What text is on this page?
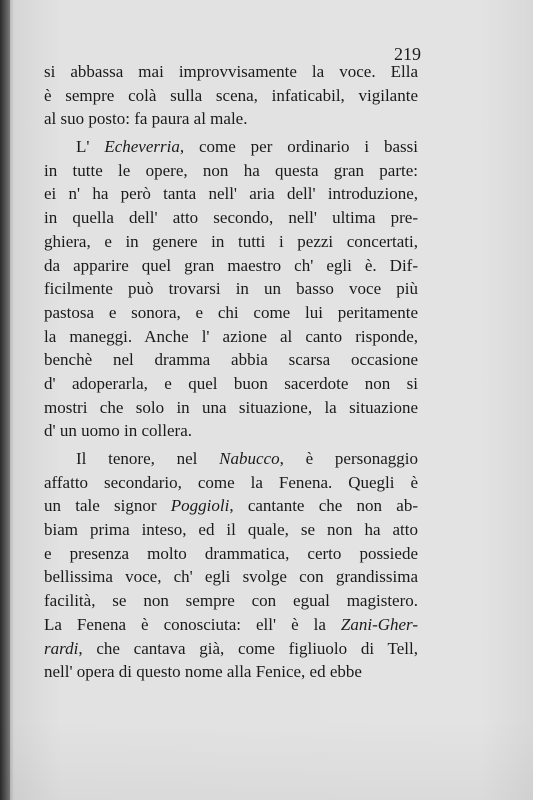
219
si abbassa mai improvvisamente la voce. Ella
è sempre colà sulla scena, infaticabil, vigilante
al suo posto: fa paura al male.
L' Echeverria, come per ordinario i bassi
in tutte le opere, non ha questa gran parte:
ei n' ha però tanta nell' aria dell' introduzione,
in quella dell' atto secondo, nell' ultima pre-
ghiera, e in genere in tutti i pezzi concertati,
da apparire quel gran maestro ch' egli è. Dif-
ficilmente può trovarsi in un basso voce più
pastosa e sonora, e chi come lui peritamente
la maneggi. Anche l' azione al canto risponde,
benchè nel dramma abbia scarsa occasione
d' adoperarla, e quel buon sacerdote non si
mostri che solo in una situazione, la situazione
d' un uomo in collera.
Il tenore, nel Nabucco, è personaggio
affatto secondario, come la Fenena. Quegli è
un tale signor Poggioli, cantante che non ab-
biam prima inteso, ed il quale, se non ha atto
e presenza molto drammatica, certo possiede
bellissima voce, ch' egli svolge con grandissima
facilità, se non sempre con egual magistero.
La Fenena è conosciuta: ell' è la Zani-Gher-
rardi, che cantava già, come figliuolo di Tell,
nell' opera di questo nome alla Fenice, ed ebbe
